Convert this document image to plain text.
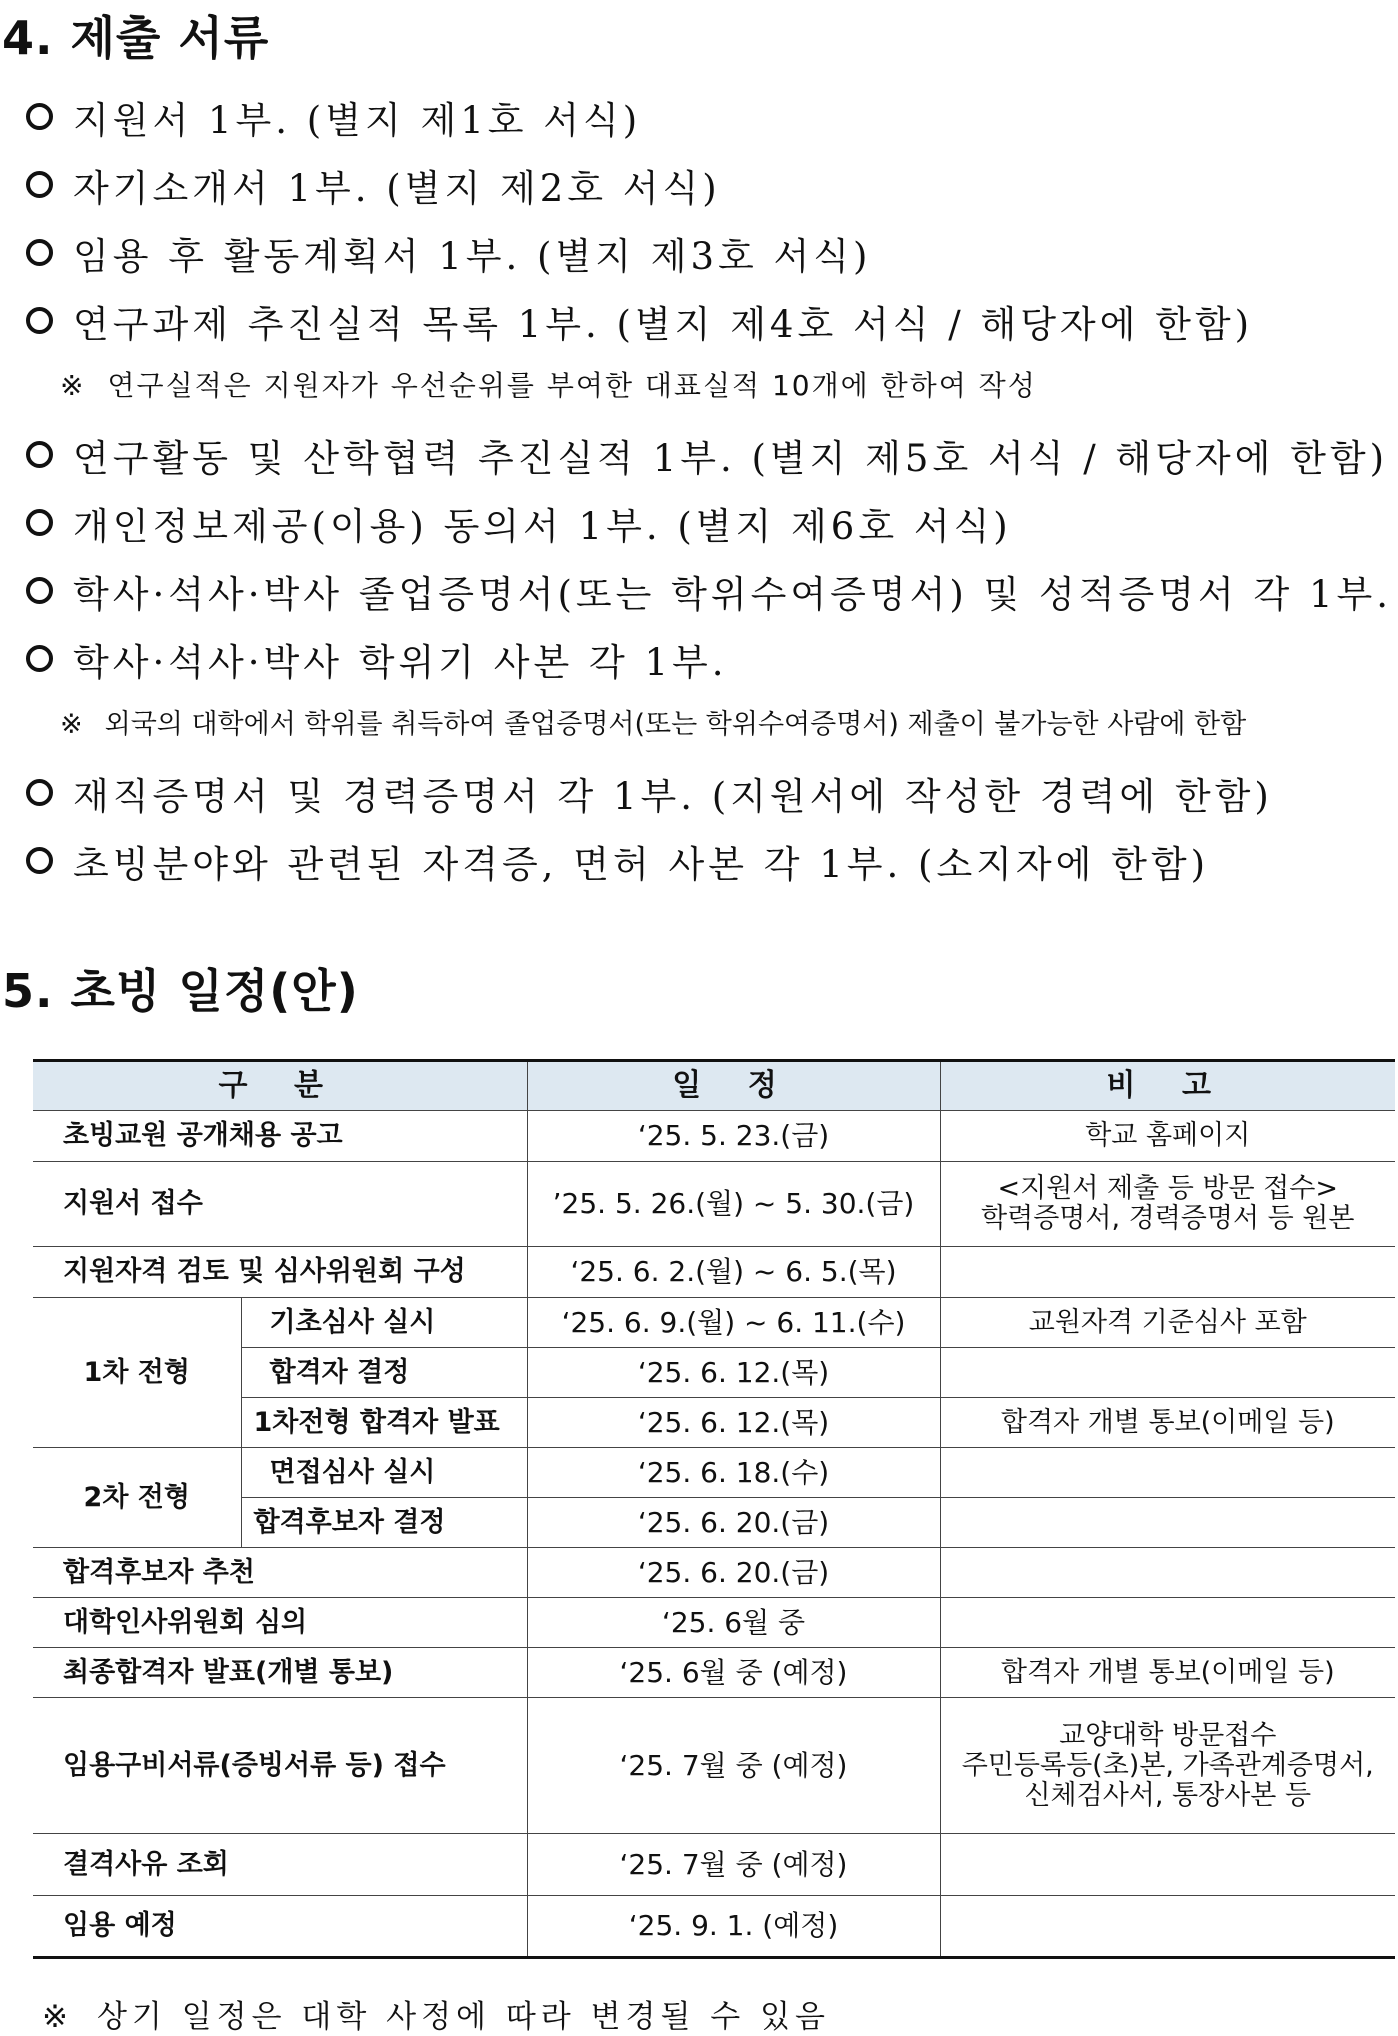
4. 제출 서류
지원서 1부. (별지 제1호 서식)
자기소개서 1부. (별지 제2호 서식)
임용 후 활동계획서 1부. (별지 제3호 서식)
연구과제 추진실적 목록 1부. (별지 제4호 서식 / 해당자에 한함)
※ 연구실적은 지원자가 우선순위를 부여한 대표실적 10개에 한하여 작성
연구활동 및 산학협력 추진실적 1부. (별지 제5호 서식 / 해당자에 한함)
개인정보제공(이용) 동의서 1부. (별지 제6호 서식)
학사·석사·박사 졸업증명서(또는 학위수여증명서) 및 성적증명서 각 1부.
학사·석사·박사 학위기 사본 각 1부.
※ 외국의 대학에서 학위를 취득하여 졸업증명서(또는 학위수여증명서) 제출이 불가능한 사람에 한함
재직증명서 및 경력증명서 각 1부. (지원서에 작성한 경력에 한함)
초빙분야와 관련된 자격증, 면허 사본 각 1부. (소지자에 한함)
5. 초빙 일정(안)
구 분		일 정	비 고
초빙교원 공개채용 공고		‘25. 5. 23.(금)	학교 홈페이지
지원서 접수		’25. 5. 26.(월) ~ 5. 30.(금)	<지원서 제출 등 방문 접수>
학력증명서, 경력증명서 등 원본

지원자격 검토 및 심사위원회 구성		‘25. 6. 2.(월) ~ 6. 5.(목)	
1차 전형	기초심사 실시	‘25. 6. 9.(월) ~ 6. 11.(수)	교원자격 기준심사 포함
	합격자 결정	‘25. 6. 12.(목)	
	1차전형 합격자 발표	‘25. 6. 12.(목)	합격자 개별 통보(이메일 등)
2차 전형	면접심사 실시	‘25. 6. 18.(수)	
	합격후보자 결정	‘25. 6. 20.(금)	
합격후보자 추천		‘25. 6. 20.(금)	
대학인사위원회 심의		‘25. 6월 중	
최종합격자 발표(개별 통보)		‘25. 6월 중 (예정)	합격자 개별 통보(이메일 등)
임용구비서류(증빙서류 등) 접수		‘25. 7월 중 (예정)	교양대학 방문접수
주민등록등(초)본, 가족관계증명서,
신체검사서, 통장사본 등

결격사유 조회		‘25. 7월 중 (예정)	
임용 예정		‘25. 9. 1. (예정)	
※ 상기 일정은 대학 사정에 따라 변경될 수 있음
